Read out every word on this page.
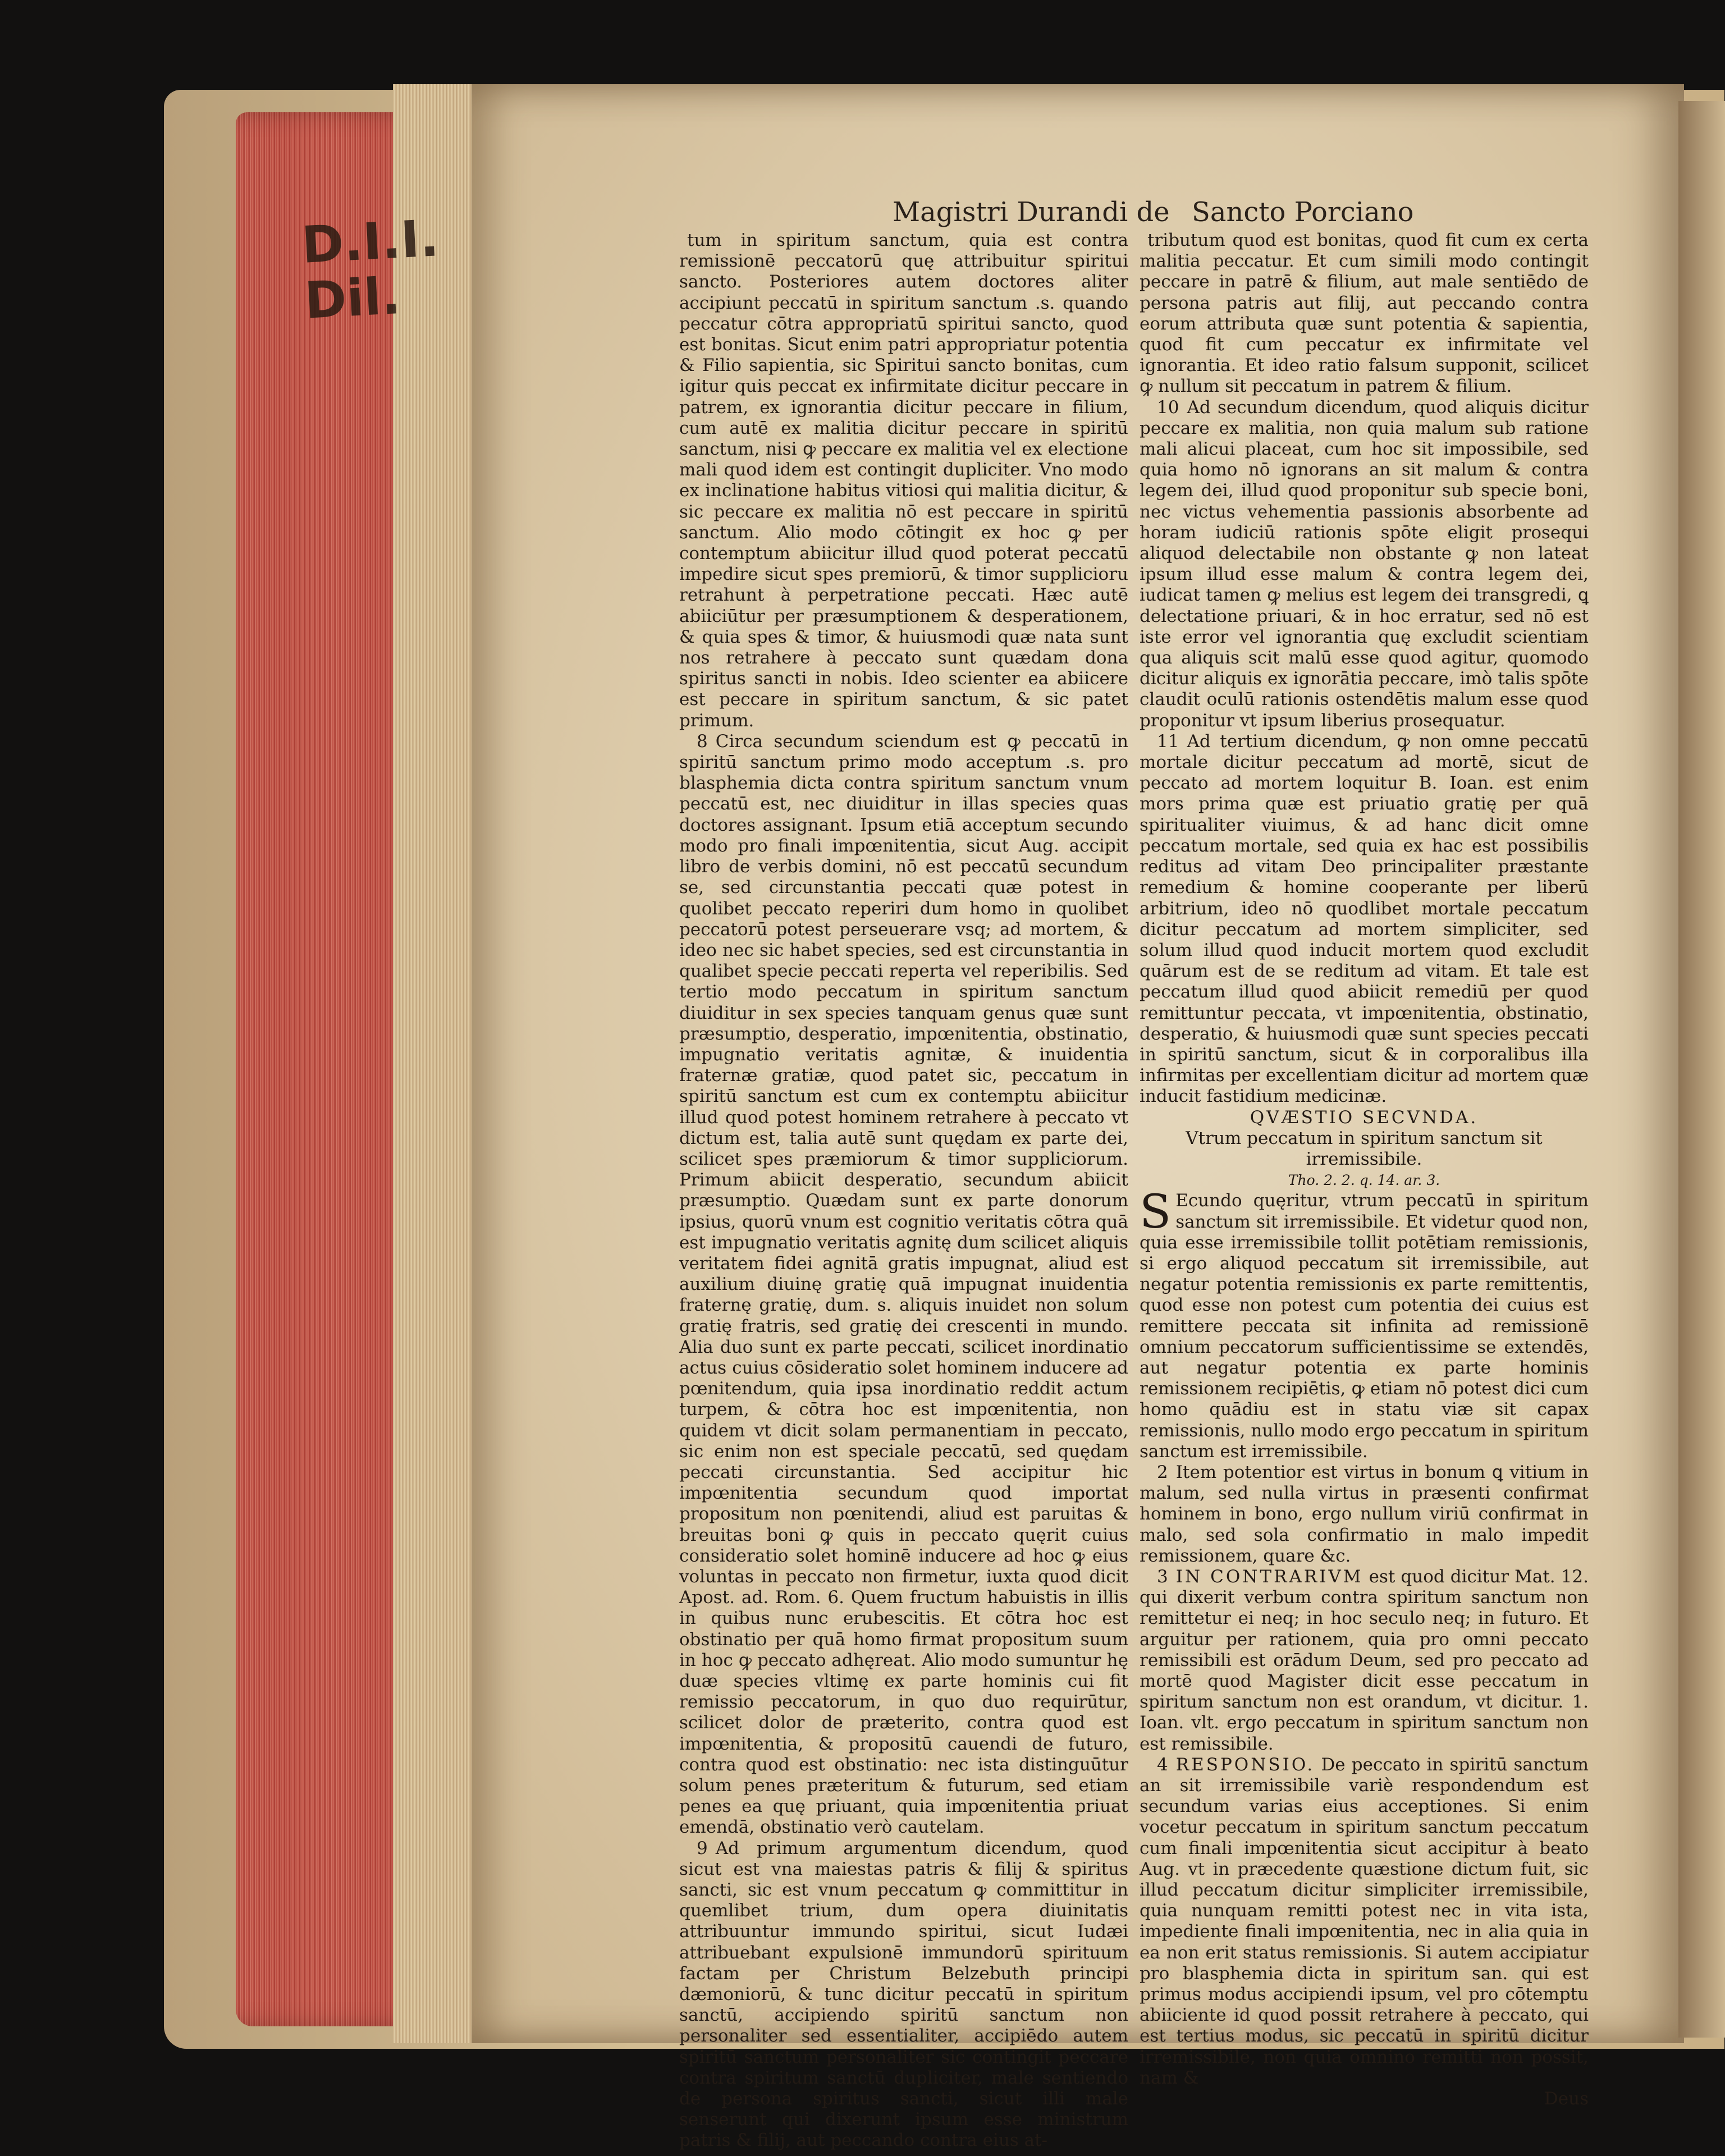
D.I.I. Dil.
Magistri Durandi de Sancto Porciano

tum in spiritum sanctum, quia est contra remissionē peccatorū quę attribuitur spiritui sancto. Posteriores autem doctores aliter accipiunt peccatū in spiritum sanctum .s. quando peccatur cōtra appropriatū spiritui sancto, quod est bonitas. Sicut enim patri appropriatur potentia & Filio sapientia, sic Spiritui sancto bonitas, cum igitur quis peccat ex infirmitate dicitur peccare in patrem, ex ignorantia dicitur peccare in filium, cum autē ex malitia dicitur peccare in spiritū sanctum, nisi ꝙ peccare ex malitia vel ex electione mali quod idem est contingit dupliciter. Vno modo ex inclinatione habitus vitiosi qui malitia dicitur, & sic peccare ex malitia nō est peccare in spiritū sanctum. Alio modo cōtingit ex hoc ꝙ per contemptum abiicitur illud quod poterat peccatū impedire sicut spes premiorū, & timor supplicioru retrahunt à perpetratione peccati. Hæc autē abiiciūtur per præsumptionem & desperationem, & quia spes & timor, & huiusmodi quæ nata sunt nos retrahere à peccato sunt quædam dona spiritus sancti in nobis. Ideo scienter ea abiicere est peccare in spiritum sanctum, & sic patet primum.

 8 Circa secundum sciendum est ꝙ peccatū in spiritū sanctum primo modo acceptum .s. pro blasphemia dicta contra spiritum sanctum vnum peccatū est, nec diuiditur in illas species quas doctores assignant. Ipsum etiā acceptum secundo modo pro finali impœnitentia, sicut Aug. accipit libro de verbis domini, nō est peccatū secundum se, sed circunstantia peccati quæ potest in quolibet peccato reperiri dum homo in quolibet peccatorū potest perseuerare vsq; ad mortem, & ideo nec sic habet species, sed est circunstantia in qualibet specie peccati reperta vel reperibilis. Sed tertio modo peccatum in spiritum sanctum diuiditur in sex species tanquam genus quæ sunt præsumptio, desperatio, impœnitentia, obstinatio, impugnatio veritatis agnitæ, & inuidentia fraternæ gratiæ, quod patet sic, peccatum in spiritū sanctum est cum ex contemptu abiicitur illud quod potest hominem retrahere à peccato vt dictum est, talia autē sunt quędam ex parte dei, scilicet spes præmiorum & timor suppliciorum. Primum abiicit desperatio, secundum abiicit præsumptio. Quædam sunt ex parte donorum ipsius, quorū vnum est cognitio veritatis cōtra quā est impugnatio veritatis agnitę dum scilicet aliquis veritatem fidei agnitā gratis impugnat, aliud est auxilium diuinę gratię quā impugnat inuidentia fraternę gratię, dum. s. aliquis inuidet non solum gratię fratris, sed gratię dei crescenti in mundo. Alia duo sunt ex parte peccati, scilicet inordinatio actus cuius cōsideratio solet hominem inducere ad pœnitendum, quia ipsa inordinatio reddit actum turpem, & cōtra hoc est impœnitentia, non quidem vt dicit solam permanentiam in peccato, sic enim non est speciale peccatū, sed quędam peccati circunstantia. Sed accipitur hic impœnitentia secundum quod importat propositum non pœnitendi, aliud est paruitas & breuitas boni ꝙ quis in peccato quęrit cuius consideratio solet hominē inducere ad hoc ꝙ eius voluntas in peccato non firmetur, iuxta quod dicit Apost. ad. Rom. 6. Quem fructum habuistis in illis in quibus nunc erubescitis. Et cōtra hoc est obstinatio per quā homo firmat propositum suum in hoc ꝙ peccato adhęreat. Alio modo sumuntur hę duæ species vltimę ex parte hominis cui fit remissio peccatorum, in quo duo requirūtur, scilicet dolor de præterito, contra quod est impœnitentia, & propositū cauendi de futuro, contra quod est obstinatio: nec ista distinguūtur solum penes præteritum & futurum, sed etiam penes ea quę priuant, quia impœnitentia priuat emendā, obstinatio verò cautelam.

 9 Ad primum argumentum dicendum, quod sicut est vna maiestas patris & filij & spiritus sancti, sic est vnum peccatum ꝙ committitur in quemlibet trium, dum opera diuinitatis attribuuntur immundo spiritui, sicut Iudæi attribuebant expulsionē immundorū spirituum factam per Christum Belzebuth principi dæmoniorū, & tunc dicitur peccatū in spiritum sanctū, accipiendo spiritū sanctum non personaliter sed essentialiter, accipiēdo autem spiritū sanctum personaliter sic contingit peccare contra spiritum sanctū dupliciter, male sentiendo de persona spiritus sancti, sicut illi male senserunt qui dixerunt ipsum esse ministrum patris & filij, aut peccando contra eius at-

tributum quod est bonitas, quod fit cum ex certa malitia peccatur. Et cum simili modo contingit peccare in patrē & filium, aut male sentiēdo de persona patris aut filij, aut peccando contra eorum attributa quæ sunt potentia & sapientia, quod fit cum peccatur ex infirmitate vel ignorantia. Et ideo ratio falsum supponit, scilicet ꝙ nullum sit peccatum in patrem & filium.

 10 Ad secundum dicendum, quod aliquis dicitur peccare ex malitia, non quia malum sub ratione mali alicui placeat, cum hoc sit impossibile, sed quia homo nō ignorans an sit malum & contra legem dei, illud quod proponitur sub specie boni, nec victus vehementia passionis absorbente ad horam iudiciū rationis spōte eligit prosequi aliquod delectabile non obstante ꝙ non lateat ipsum illud esse malum & contra legem dei, iudicat tamen ꝙ melius est legem dei transgredi, ꝗ delectatione priuari, & in hoc erratur, sed nō est iste error vel ignorantia quę excludit scientiam qua aliquis scit malū esse quod agitur, quomodo dicitur aliquis ex ignorātia peccare, imò talis spōte claudit oculū rationis ostendētis malum esse quod proponitur vt ipsum liberius prosequatur.

 11 Ad tertium dicendum, ꝙ non omne peccatū mortale dicitur peccatum ad mortē, sicut de peccato ad mortem loquitur B. Ioan. est enim mors prima quæ est priuatio gratię per quā spiritualiter viuimus, & ad hanc dicit omne peccatum mortale, sed quia ex hac est possibilis reditus ad vitam Deo principaliter præstante remedium & homine cooperante per liberū arbitrium, ideo nō quodlibet mortale peccatum dicitur peccatum ad mortem simpliciter, sed solum illud quod inducit mortem quod excludit quārum est de se reditum ad vitam. Et tale est peccatum illud quod abiicit remediū per quod remittuntur peccata, vt impœnitentia, obstinatio, desperatio, & huiusmodi quæ sunt species peccati in spiritū sanctum, sicut & in corporalibus illa infirmitas per excellentiam dicitur ad mortem quæ inducit fastidium medicinæ.

QVÆSTIO SECVNDA.

Vtrum peccatum in spiritum sanctum sit irremissibile.

Tho. 2. 2. q. 14. ar. 3.

S Ecundo quęritur, vtrum peccatū in spiritum sanctum sit irremissibile. Et videtur quod non, quia esse irremissibile tollit potētiam remissionis, si ergo aliquod peccatum sit irremissibile, aut negatur potentia remissionis ex parte remittentis, quod esse non potest cum potentia dei cuius est remittere peccata sit infinita ad remissionē omnium peccatorum sufficientissime se extendēs, aut negatur potentia ex parte hominis remissionem recipiētis, ꝙ etiam nō potest dici cum homo quādiu est in statu viæ sit capax remissionis, nullo modo ergo peccatum in spiritum sanctum est irremissibile.

 2 Item potentior est virtus in bonum ꝗ vitium in malum, sed nulla virtus in præsenti confirmat hominem in bono, ergo nullum viriū confirmat in malo, sed sola confirmatio in malo impedit remissionem, quare &c.

 3 IN CONTRARIVM est quod dicitur Mat. 12. qui dixerit verbum contra spiritum sanctum non remittetur ei neq; in hoc seculo neq; in futuro. Et arguitur per rationem, quia pro omni peccato remissibili est orādum Deum, sed pro peccato ad mortē quod Magister dicit esse peccatum in spiritum sanctum non est orandum, vt dicitur. 1. Ioan. vlt. ergo peccatum in spiritum sanctum non est remissibile.

 4 RESPONSIO. De peccato in spiritū sanctum an sit irremissibile variè respondendum est secundum varias eius acceptiones. Si enim vocetur peccatum in spiritum sanctum peccatum cum finali impœnitentia sicut accipitur à beato Aug. vt in præcedente quæstione dictum fuit, sic illud peccatum dicitur simpliciter irremissibile, quia nunquam remitti potest nec in vita ista, impediente finali impœnitentia, nec in alia quia in ea non erit status remissionis. Si autem accipiatur pro blasphemia dicta in spiritum san. qui est primus modus accipiendi ipsum, vel pro cōtemptu abiiciente id quod possit retrahere à peccato, qui est tertius modus, sic peccatū in spiritū dicitur irremissibile, non quia omnino remitti non possit, nam &

Deus
